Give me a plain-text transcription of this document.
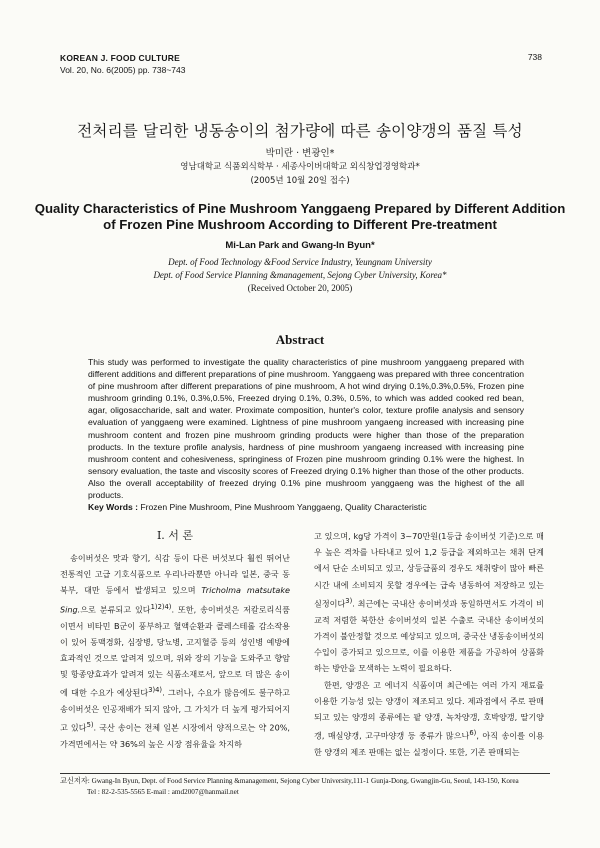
KOREAN J. FOOD CULTURE
Vol. 20, No. 6(2005) pp. 738~743
738
전처리를 달리한 냉동송이의 첨가량에 따른 송이양갱의 품질 특성
박미란 · 변광인*
영남대학교 식품외식학부 · 세종사이버대학교 외식창업경영학과*
(2005년 10월 20일 접수)
Quality Characteristics of Pine Mushroom Yanggaeng Prepared by Different Addition
of Frozen Pine Mushroom According to Different Pre-treatment
Mi-Lan Park and Gwang-In Byun*
Dept. of Food Technology &Food Service Industry, Yeungnam University
Dept. of Food Service Planning &management, Sejong Cyber University, Korea*
(Received October 20, 2005)
Abstract

This study was performed to investigate the quality characteristics of pine mushroom yanggaeng prepared with different additions and different preparations of pine mushroom. Yanggaeng was prepared with three concentration of pine mushroom after different preparations of pine mushroom, A hot wind drying 0.1%,0.3%,0.5%, Frozen pine mushroom grinding 0.1%, 0.3%,0.5%, Freezed drying 0.1%, 0.3%, 0.5%, to which was added cooked red bean, agar, oligosaccharide, salt and water. Proximate composition, hunter's color, texture profile analysis and sensory evaluation of yanggaeng were examined. Lightness of pine mushroom yangaeng increased with increasing pine mushroom content and frozen pine mushroom grinding products were higher than those of the preparation products. In the texture profile analysis, hardness of pine mushroom yangaeng increased with increasing pine mushroom content and cohesiveness, springiness of Frozen pine mushroom grinding 0.1% were the highest. In sensory evaluation, the taste and viscosity scores of Freezed drying 0.1% higher than those of the other products. Also the overall acceptability of freezed drying 0.1% pine mushroom yanggaeng was the highest of the all products.

Key Words : Frozen Pine Mushroom, Pine Mushroom Yanggaeng, Quality Characteristic

I. 서 론

송이버섯은 맛과 향기, 식감 등이 다른 버섯보다 훨씬 뛰어난 전통적인 고급 기호식품으로 우리나라뿐만 아니라 일본, 중국 동북부, 대만 등에서 발생되고 있으며 Tricholma matsutake Sing.으로 분류되고 있다$^{1)2)4)}$. 또한, 송이버섯은 저칼로리식품이면서 비타민 B군이 풍부하고 혈액순환과 콜레스테롤 감소작용이 있어 동맥경화, 심장병, 당뇨병, 고지혈증 등의 성인병 예방에 효과적인 것으로 알려져 있으며, 위와 장의 기능을 도와주고 향암 및 항종양효과가 알려져 있는 식품소재로서, 앞으로 더 많은 송이에 대한 수요가 예상된다$^{3)4)}$. 그러나, 수요가 많음에도 불구하고 송이버섯은 인공재배가 되지 않아, 그 가치가 더 높게 평가되어지고 있다$^{5)}$. 국산 송이는 전체 일본 시장에서 양적으로는 약 20%, 가격면에서는 약 36%의 높은 시장 점유율을 차지하

고 있으며, kg당 가격이 3~70만원(1등급 송이버섯 기준)으로 매우 높은 격차를 나타내고 있어 1,2 등급을 제외하고는 채취 단계에서 단순 소비되고 있고, 상등급품의 경우도 채취량이 많아 빠른 시간 내에 소비되지 못할 경우에는 급속 냉동하여 저장하고 있는 실정이다$^{3)}$. 최근에는 국내산 송이버섯과 동일하면서도 가격이 비교적 저렴한 북한산 송이버섯의 일본 수출로 국내산 송이버섯의 가격이 불안정할 것으로 예상되고 있으며, 중국산 냉동송이버섯의 수입이 증가되고 있으므로, 이를 이용한 제품을 가공하여 상품화하는 방안을 모색하는 노력이 필요하다.

한편, 양갱은 고 에너지 식품이며 최근에는 여러 가지 재료를 이용한 기능성 있는 양갱이 제조되고 있다. 제과점에서 주로 판매되고 있는 양갱의 종류에는 팥 양갱, 녹차양갱, 호박양갱, 딸기양갱, 매실양갱, 고구마양갱 등 종류가 많으나$^{6)}$, 아직 송이를 이용한 양갱의 제조 판매는 없는 실정이다. 또한, 기존 판매되는

교신저자: Gwang-In Byun, Dept. of Food Service Planning &management, Sejong Cyber University,111-1 Gunja-Dong, Gwangjin-Gu, Seoul, 143-150, Korea
Tel : 82-2-535-5565 E-mail : amd2007@hanmail.net
